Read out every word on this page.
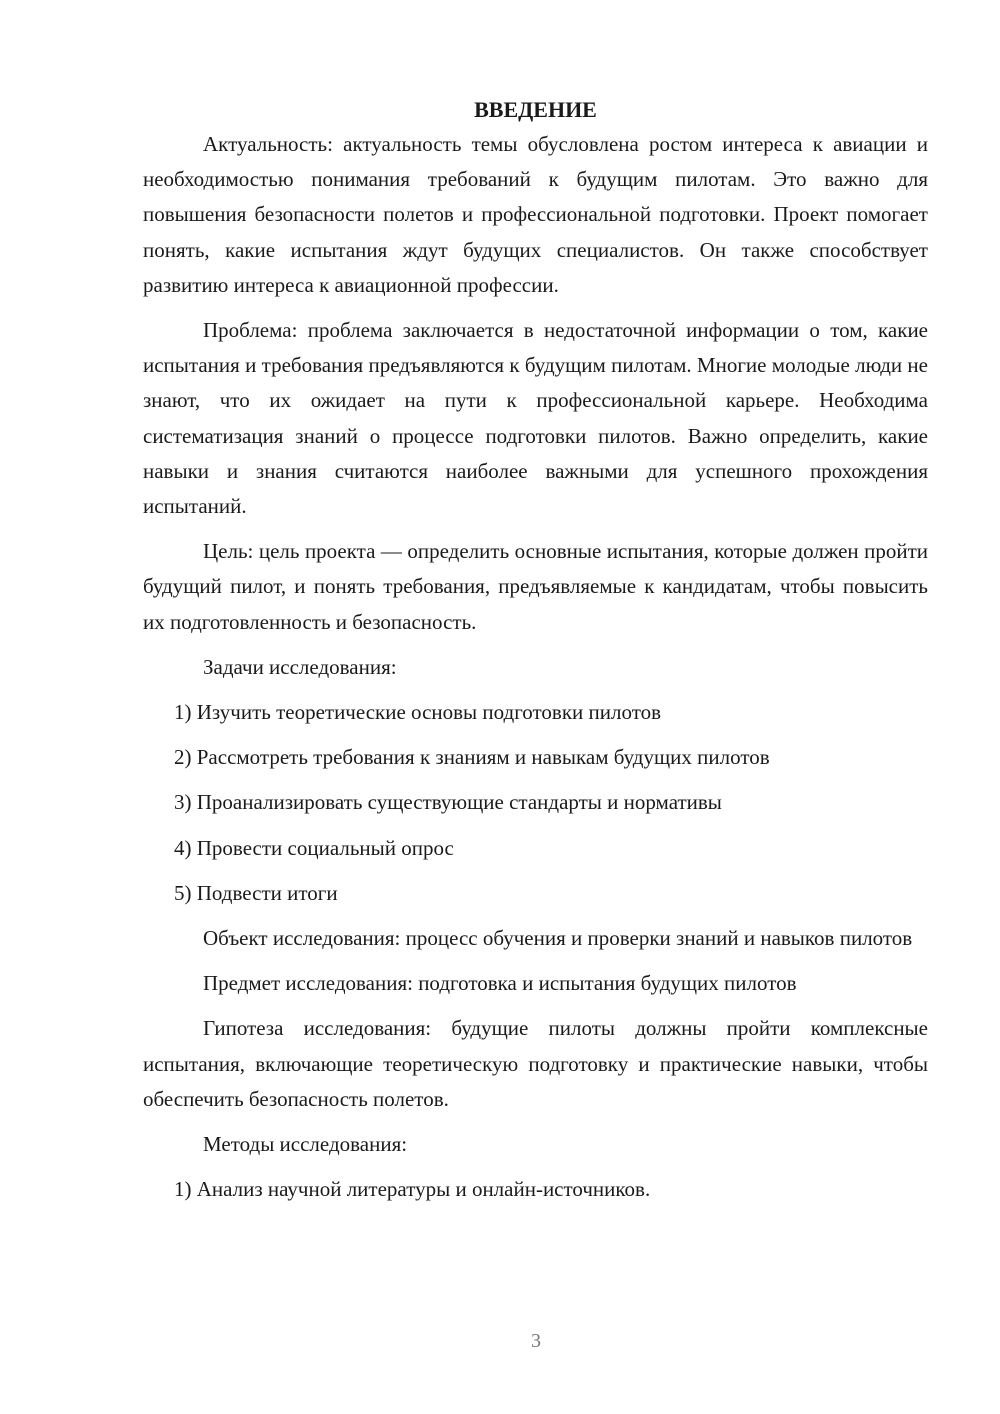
ВВЕДЕНИЕ

Актуальность: актуальность темы обусловлена ростом интереса к авиации и необходимостью понимания требований к будущим пилотам. Это важно для повышения безопасности полетов и профессиональной подготовки. Проект помогает понять, какие испытания ждут будущих специалистов. Он также способствует развитию интереса к авиационной профессии.

Проблема: проблема заключается в недостаточной информации о том, какие испытания и требования предъявляются к будущим пилотам. Многие молодые люди не знают, что их ожидает на пути к профессиональной карьере. Необходима систематизация знаний о процессе подготовки пилотов. Важно определить, какие навыки и знания считаются наиболее важными для успешного прохождения испытаний.

Цель: цель проекта — определить основные испытания, которые должен пройти будущий пилот, и понять требования, предъявляемые к кандидатам, чтобы повысить их подготовленность и безопасность.

Задачи исследования:

1) Изучить теоретические основы подготовки пилотов
2) Рассмотреть требования к знаниям и навыкам будущих пилотов
3) Проанализировать существующие стандарты и нормативы
4) Провести социальный опрос
5) Подвести итоги

Объект исследования: процесс обучения и проверки знаний и навыков пилотов

Предмет исследования: подготовка и испытания будущих пилотов

Гипотеза исследования: будущие пилоты должны пройти комплексные испытания, включающие теоретическую подготовку и практические навыки, чтобы обеспечить безопасность полетов.

Методы исследования:

1) Анализ научной литературы и онлайн-источников.
3
